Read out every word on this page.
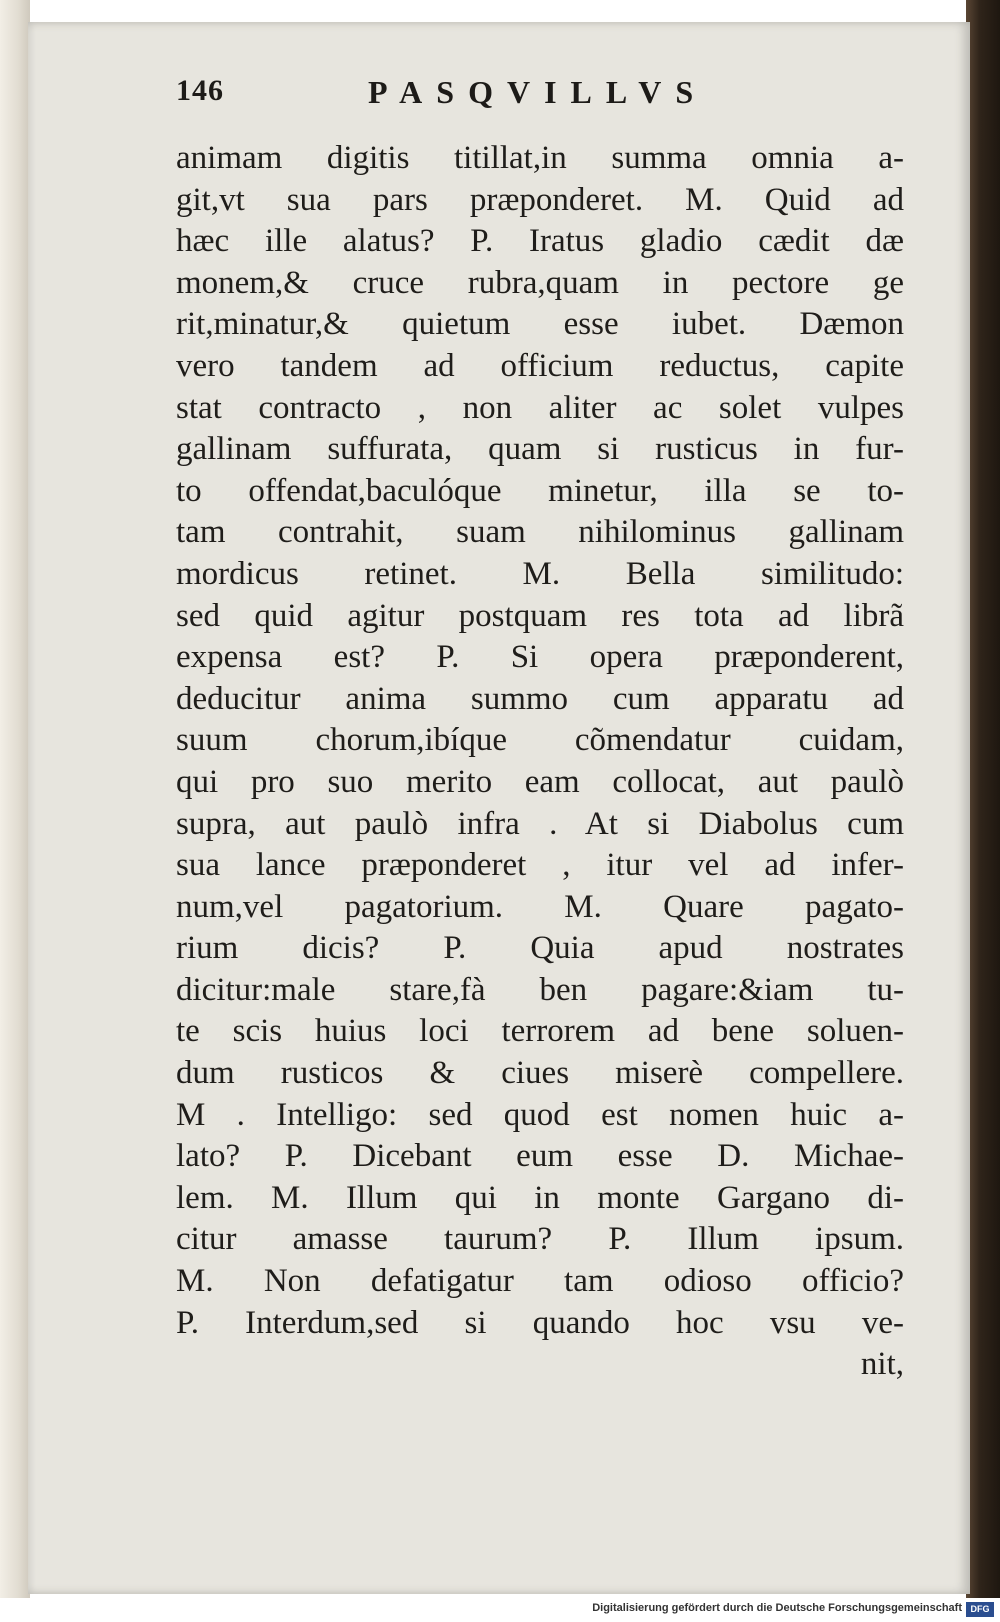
146	PASQVILLVS
animam digitis titillat,in summa omnia a-
git,vt sua pars præponderet. M. Quid ad
hæc ille alatus? P. Iratus gladio cædit dæ
monem,& cruce rubra,quam in pectore ge
rit,minatur,& quietum esse iubet. Dæmon
vero tandem ad officium reductus, capite
stat contracto , non aliter ac solet vulpes
gallinam suffurata, quam si rusticus in fur-
to offendat,baculóque minetur, illa se to-
tam contrahit, suam nihilominus gallinam
mordicus retinet. M. Bella similitudo:
sed quid agitur postquam res tota ad librã
expensa est? P. Si opera præponderent,
deducitur anima summo cum apparatu ad
suum chorum,ibíque cõmendatur cuidam,
qui pro suo merito eam collocat, aut paulò
supra, aut paulò infra . At si Diabolus cum
sua lance præponderet , itur vel ad infer-
num,vel pagatorium. M. Quare pagato-
rium dicis? P. Quia apud nostrates
dicitur:male stare,fà ben pagare:&iam tu-
te scis huius loci terrorem ad bene soluen-
dum rusticos & ciues miserè compellere.
M . Intelligo: sed quod est nomen huic a-
lato? P. Dicebant eum esse D. Michae-
lem. M. Illum qui in monte Gargano di-
citur amasse taurum? P. Illum ipsum.
M. Non defatigatur tam odioso officio?
P. Interdum,sed si quando hoc vsu ve-
nit,
Digitalisierung gefördert durch die Deutsche Forschungsgemeinschaft DFG
